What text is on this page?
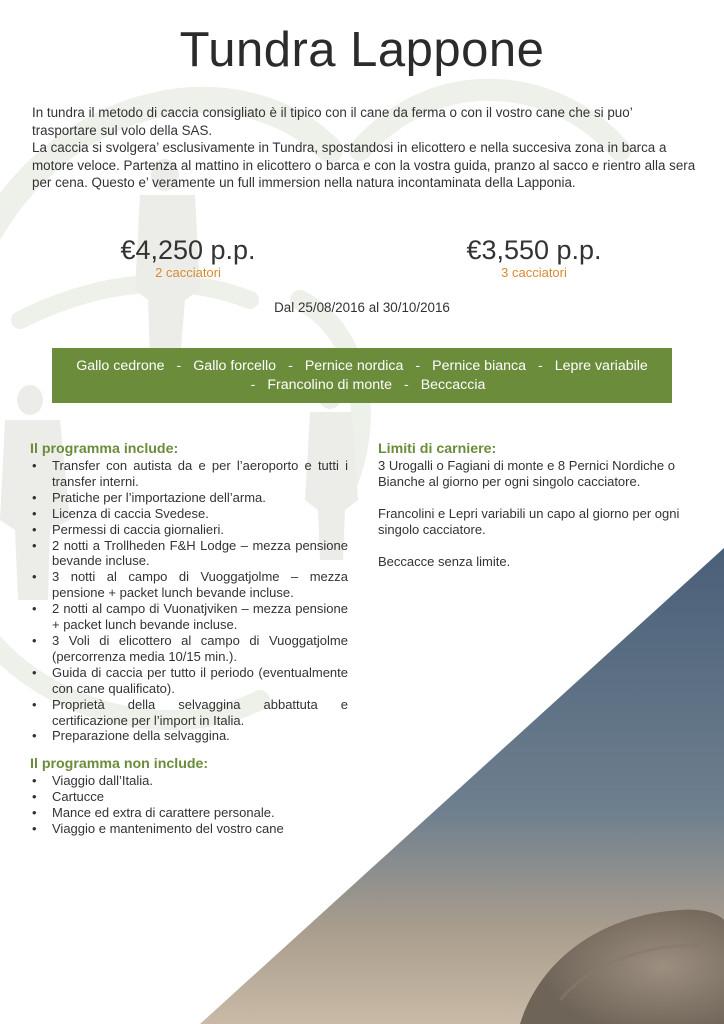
Tundra Lappone

In tundra il metodo di caccia consigliato è il tipico con il cane da ferma o con il vostro cane che si puo’ trasportare sul volo della SAS.

La caccia si svolgera’ esclusivamente in Tundra, spostandosi in elicottero e nella succesiva zona in barca a motore veloce. Partenza al mattino in elicottero o barca e con la vostra guida, pranzo al sacco e rientro alla sera per cena. Questo e’ veramente un full immersion nella natura incontaminata della Lapponia.

€4,250 p.p.
2 cacciatori
€3,550 p.p.
3 cacciatori
Dal 25/08/2016 al 30/10/2016
Gallo cedrone - Gallo forcello - Pernice nordica - Pernice bianca - Lepre variabile
- Francolino di monte - Beccaccia
Il programma include:
• Transfer con autista da e per l’aeroporto e tutti i transfer interni.
• Pratiche per l’importazione dell’arma.
• Licenza di caccia Svedese.
• Permessi di caccia giornalieri.
• 2 notti a Trollheden F&H Lodge – mezza pensione bevande incluse.
• 3 notti al campo di Vuoggatjolme – mezza pensione + packet lunch bevande incluse.
• 2 notti al campo di Vuonatjviken – mezza pensione + packet lunch bevande incluse.
• 3 Voli di elicottero al campo di Vuoggatjolme (percorrenza media 10/15 min.).
• Guida di caccia per tutto il periodo (eventualmente con cane qualificato).
• Proprietà della selvaggina abbattuta e certificazione per l’import in Italia.
• Preparazione della selvaggina.
Il programma non include:
• Viaggio dall’Italia.
• Cartucce
• Mance ed extra di carattere personale.
• Viaggio e mantenimento del vostro cane
Limiti di carniere:

3 Urogalli o Fagiani di monte e 8 Pernici Nordiche o Bianche al giorno per ogni singolo cacciatore.

Francolini e Lepri variabili un capo al giorno per ogni singolo cacciatore.

Beccacce senza limite.
